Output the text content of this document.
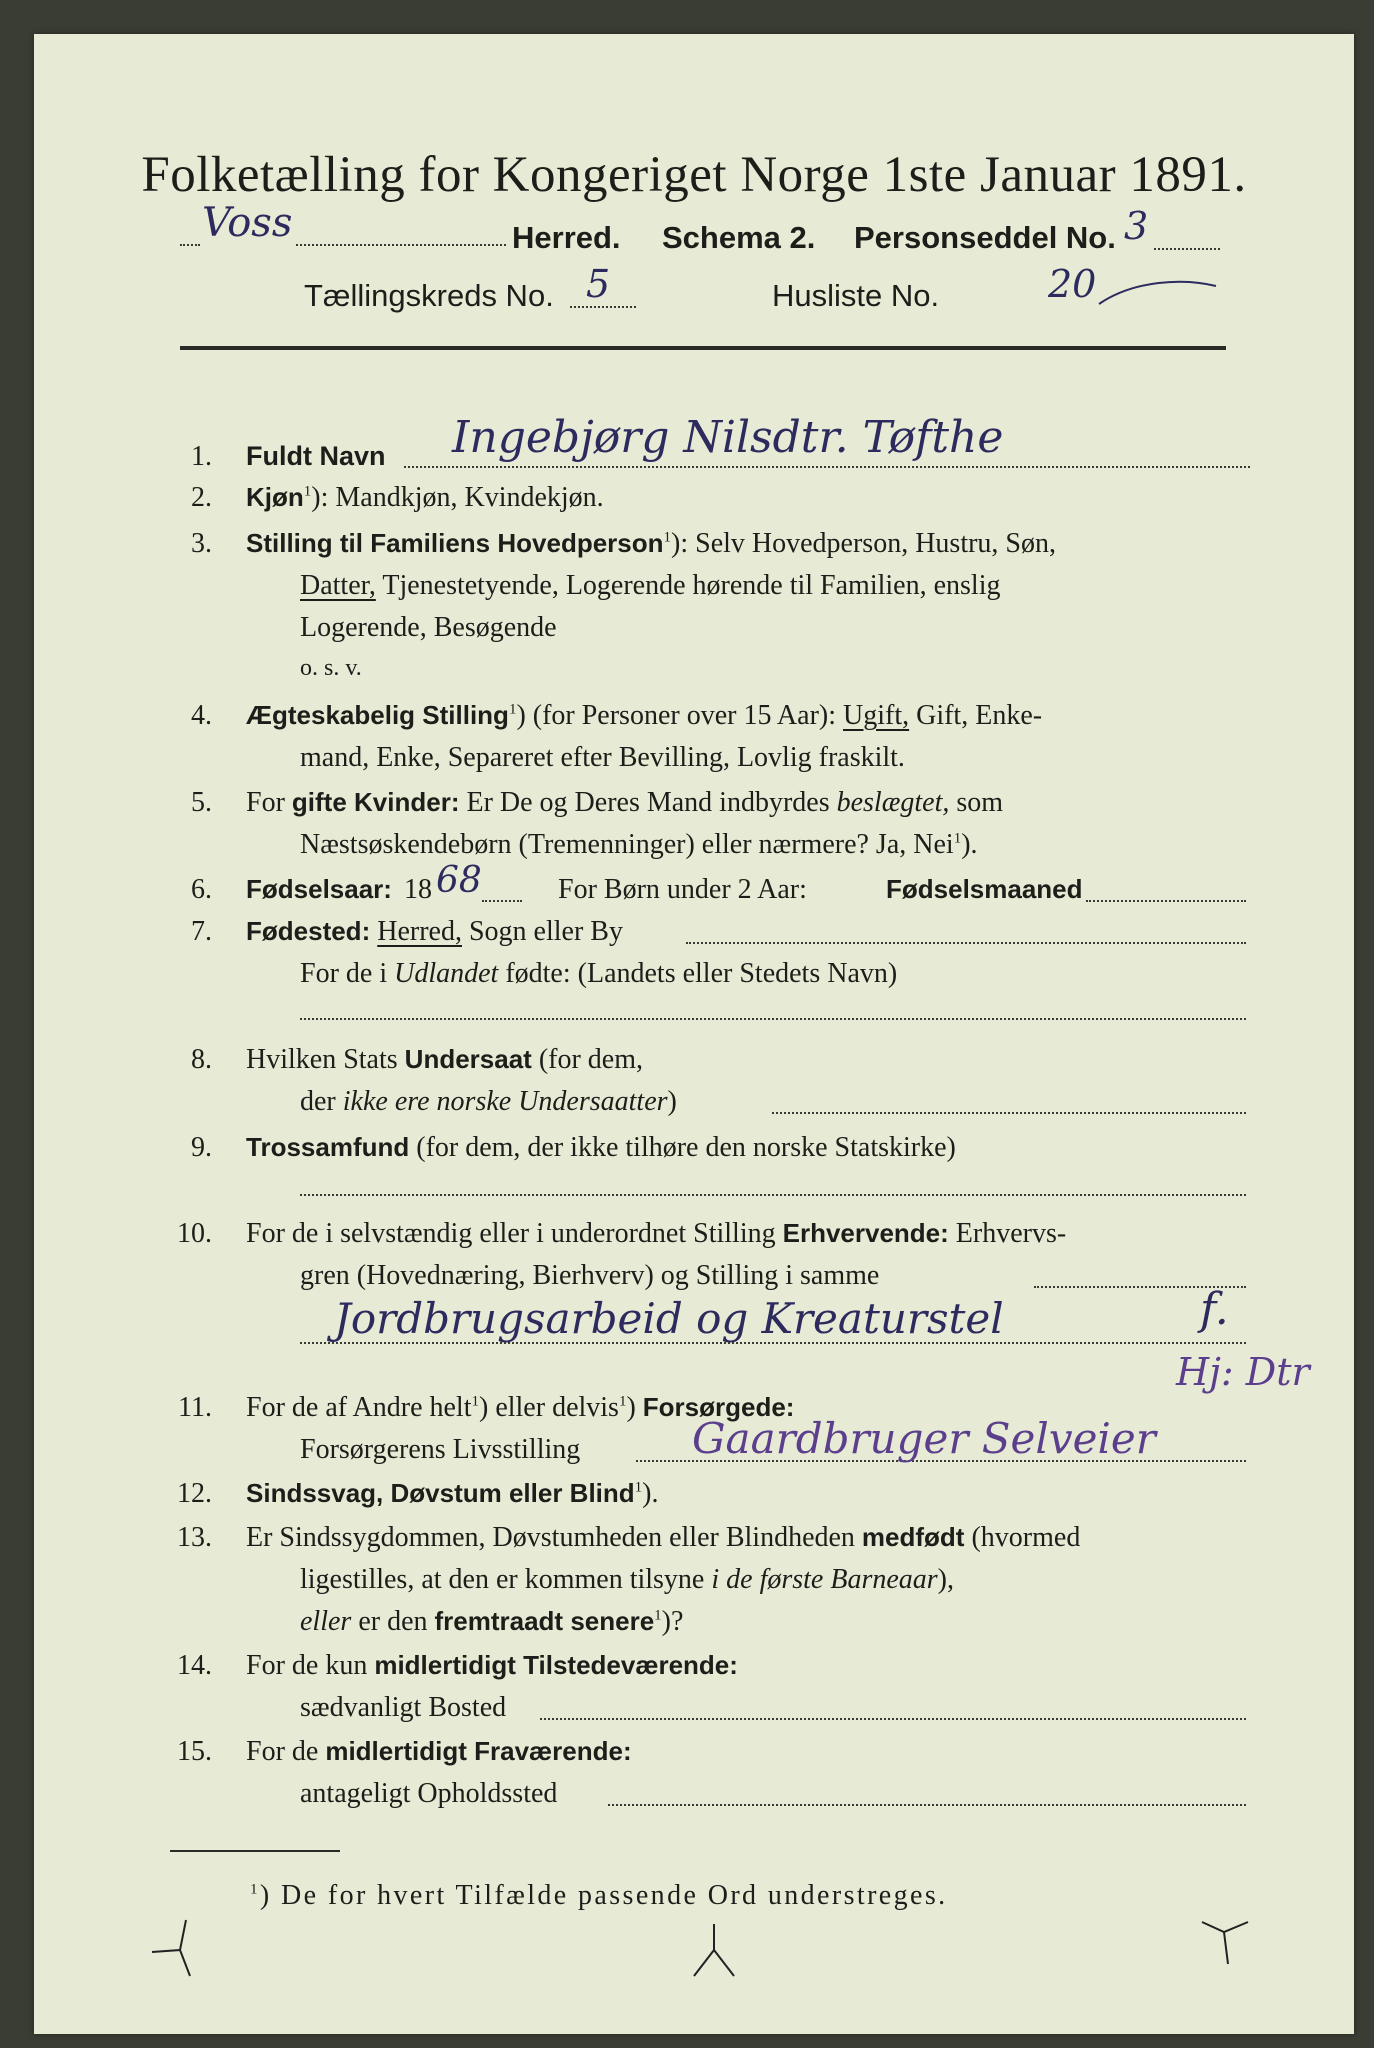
Folketælling for Kongeriget Norge 1ste Januar 1891.
Voss	Herred. Schema 2. Personseddel No. 3
Tællingskreds No. 5	Husliste No.	20
1. Fuldt Navn Ingebjørg Nilsdtr. Tøfthe
2. Kjøn$^1$): Mandkjøn, Kvindekjøn.
3. Stilling til Familiens Hovedperson$^1$): Selv Hovedperson, Hustru, Søn,
Datter, Tjenestetyende, Logerende hørende til Familien, enslig
Logerende, Besøgende
o. s. v.
4. Ægteskabelig Stilling$^1$) (for Personer over 15 Aar): Ugift, Gift, Enke-
mand, Enke, Separeret efter Bevilling, Lovlig fraskilt.
5. For gifte Kvinder: Er De og Deres Mand indbyrdes beslægtet, som
Næstsøskendebørn (Tremenninger) eller nærmere? Ja, Nei$^1$).
6. Fødselsaar: 18 68	For Børn under 2 Aar:	Fødselsmaaned
7. Fødested: Herred, Sogn eller By
For de i Udlandet fødte: (Landets eller Stedets Navn)
8. Hvilken Stats Undersaat (for dem,
der ikke ere norske Undersaatter)
9. Trossamfund (for dem, der ikke tilhøre den norske Statskirke)
10. For de i selvstændig eller i underordnet Stilling Erhvervende: Erhvervs-
gren (Hovednæring, Bierhverv) og Stilling i samme
Jordbrugsarbeid og Kreaturstel	f.
Hj: Dtr
11. For de af Andre helt$^1$) eller delvis$^1$) Forsørgede:
Forsørgerens Livsstilling	Gaardbruger Selveier
12. Sindssvag, Døvstum eller Blind$^1$).
13. Er Sindssygdommen, Døvstumheden eller Blindheden medfødt (hvormed
ligestilles, at den er kommen tilsyne i de første Barneaar),
eller er den fremtraadt senere$^1$)?
14. For de kun midlertidigt Tilstedeværende:
sædvanligt Bosted
15. For de midlertidigt Fraværende:
antageligt Opholdssted
$^1$) De for hvert Tilfælde passende Ord understreges.
